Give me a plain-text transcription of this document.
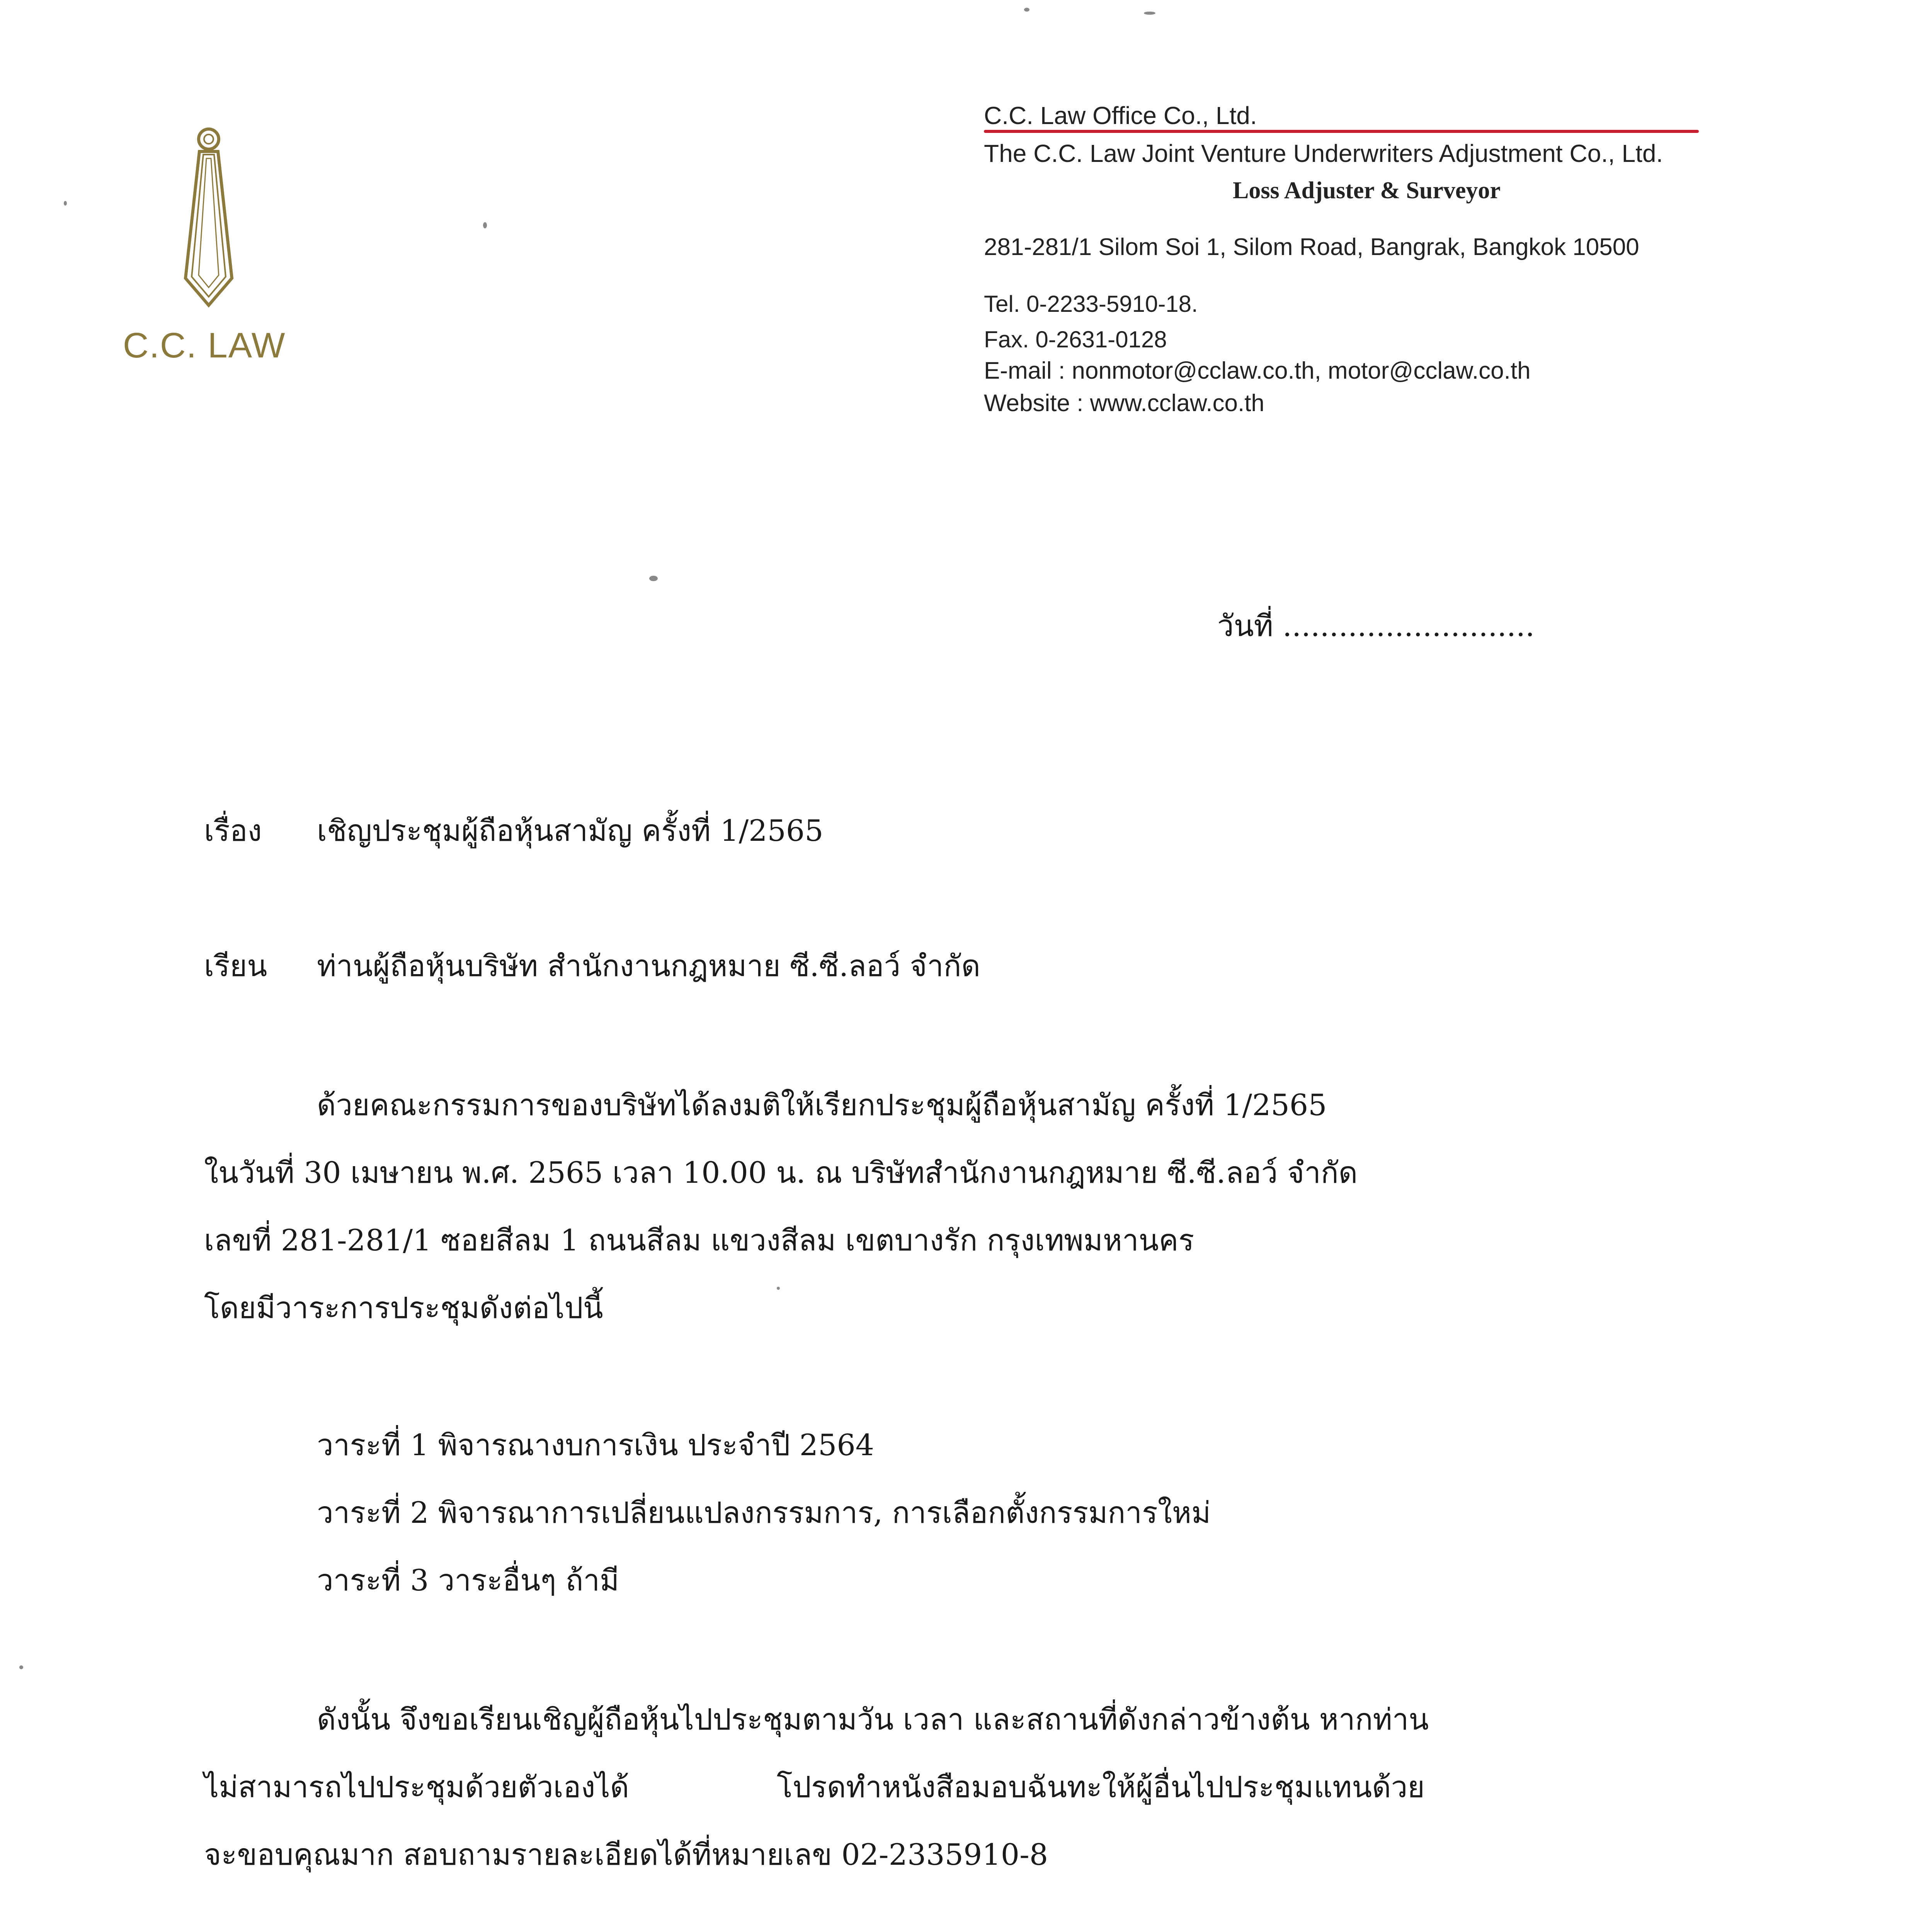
C.C. LAW
C.C. Law Office Co., Ltd.
The C.C. Law Joint Venture Underwriters Adjustment Co., Ltd.
Loss Adjuster & Surveyor
281-281/1 Silom Soi 1, Silom Road, Bangrak, Bangkok 10500
Tel. 0-2233-5910-18.
Fax. 0-2631-0128
E-mail : nonmotor@cclaw.co.th, motor@cclaw.co.th
Website : www.cclaw.co.th
วันที่ ...........................
เรื่อง เชิญประชุมผู้ถือหุ้นสามัญ ครั้งที่ 1/2565
เรียน ท่านผู้ถือหุ้นบริษัท สำนักงานกฎหมาย ซี.ซี.ลอว์ จำกัด
ด้วยคณะกรรมการของบริษัทได้ลงมติให้เรียกประชุมผู้ถือหุ้นสามัญ ครั้งที่ 1/2565
ในวันที่ 30 เมษายน พ.ศ. 2565 เวลา 10.00 น. ณ บริษัทสำนักงานกฎหมาย ซี.ซี.ลอว์ จำกัด
เลขที่ 281-281/1 ซอยสีลม 1 ถนนสีลม แขวงสีลม เขตบางรัก กรุงเทพมหานคร
โดยมีวาระการประชุมดังต่อไปนี้
วาระที่ 1 พิจารณางบการเงิน ประจำปี 2564
วาระที่ 2 พิจารณาการเปลี่ยนแปลงกรรมการ, การเลือกตั้งกรรมการใหม่
วาระที่ 3 วาระอื่นๆ ถ้ามี
ดังนั้น จึงขอเรียนเชิญผู้ถือหุ้นไปประชุมตามวัน เวลา และสถานที่ดังกล่าวข้างต้น หากท่าน
ไม่สามารถไปประชุมด้วยตัวเองได้	โปรดทำหนังสือมอบฉันทะให้ผู้อื่นไปประชุมแทนด้วย
จะขอบคุณมาก สอบถามรายละเอียดได้ที่หมายเลข 02-2335910-8
